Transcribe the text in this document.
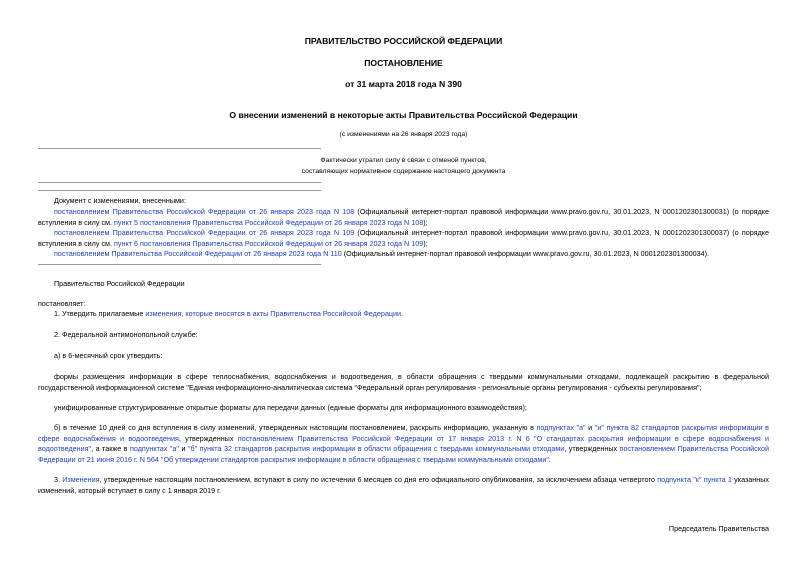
ПРАВИТЕЛЬСТВО РОССИЙСКОЙ ФЕДЕРАЦИИ
ПОСТАНОВЛЕНИЕ
от 31 марта 2018 года N 390
О внесении изменений в некоторые акты Правительства Российской Федерации
(с изменениями на 26 января 2023 года)
Фактически утратил силу в связи с отменой пунктов,
составляющих нормативное содержание настоящего документа
Документ с изменениями, внесенными:
постановлением Правительства Российской Федерации от 26 января 2023 года N 108 (Официальный интернет-портал правовой информации www.pravo.gov.ru, 30.01.2023, N 0001202301300031) (о порядке вступления в силу см. пункт 5 постановления Правительства Российской Федерации от 26 января 2023 года N 108);
постановлением Правительства Российской Федерации от 26 января 2023 года N 109 (Официальный интернет-портал правовой информации www.pravo.gov.ru, 30.01.2023, N 0001202301300037) (о порядке вступления в силу см. пункт 6 постановления Правительства Российской Федерации от 26 января 2023 года N 109);
постановлением Правительства Российской Федерации от 26 января 2023 года N 110 (Официальный интернет-портал правовой информации www.pravo.gov.ru, 30.01.2023, N 0001202301300034).
Правительство Российской Федерации
постановляет:
1. Утвердить прилагаемые изменения, которые вносятся в акты Правительства Российской Федерации.
2. Федеральной антимонопольной службе:
а) в 6-месячный срок утвердить:
формы размещения информации в сфере теплоснабжения, водоснабжения и водоотведения, в области обращения с твердыми коммунальными отходами, подлежащей раскрытию в федеральной государственной информационной системе "Единая информационно-аналитическая система "Федеральный орган регулирования - региональные органы регулирования - субъекты регулирования";
унифицированные структурированные открытые форматы для передачи данных (единые форматы для информационного взаимодействия);
б) в течение 10 дней со дня вступления в силу изменений, утвержденных настоящим постановлением, раскрыть информацию, указанную в подпунктах "а" и "и" пункта 82 стандартов раскрытия информации в сфере водоснабжения и водоотведения, утвержденных постановлением Правительства Российской Федерации от 17 января 2013 г. N 6 "О стандартах раскрытия информации в сфере водоснабжения и водоотведения", а также в подпунктах "а" и "б" пункта 32 стандартов раскрытия информации в области обращения с твердыми коммунальными отходами, утвержденных постановлением Правительства Российской Федерации от 21 июня 2016 г. N 564 "Об утверждении стандартов раскрытия информации в области обращения с твердыми коммунальными отходами".
3. Изменения, утвержденные настоящим постановлением, вступают в силу по истечении 6 месяцев со дня его официального опубликования, за исключением абзаца четвертого подпункта "к" пункта 1 указанных изменений, который вступает в силу с 1 января 2019 г.
Председатель Правительства
